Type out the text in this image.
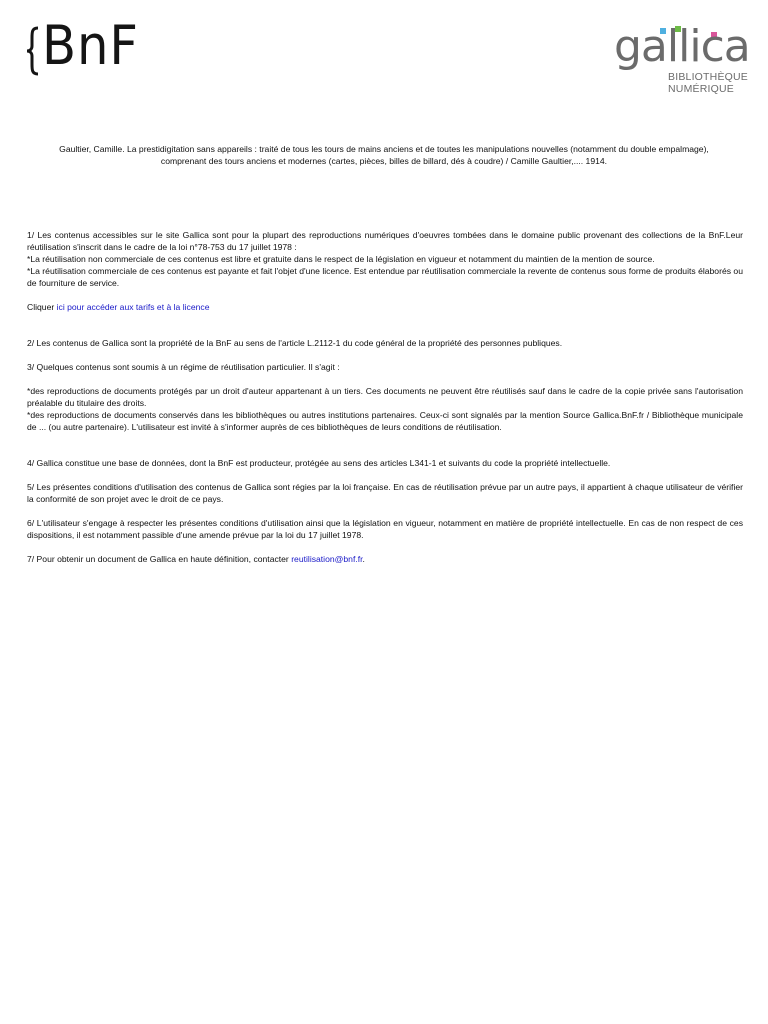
BnF	gallica
BIBLIOTHÈQUE
NUMÉRIQUE
Gaultier, Camille. La prestidigitation sans appareils : traité de tous les tours de mains anciens et de toutes les manipulations nouvelles (notamment du double empalmage),
comprenant des tours anciens et modernes (cartes, pièces, billes de billard, dés à coudre) / Camille Gaultier,.... 1914.

1/ Les contenus accessibles sur le site Gallica sont pour la plupart des reproductions numériques d'oeuvres tombées dans le domaine public provenant des collections de la BnF.Leur réutilisation s'inscrit dans le cadre de la loi n°78-753 du 17 juillet 1978 :

*La réutilisation non commerciale de ces contenus est libre et gratuite dans le respect de la législation en vigueur et notamment du maintien de la mention de source.

*La réutilisation commerciale de ces contenus est payante et fait l'objet d'une licence. Est entendue par réutilisation commerciale la revente de contenus sous forme de produits élaborés ou de fourniture de service.

Cliquer ici pour accéder aux tarifs et à la licence

2/ Les contenus de Gallica sont la propriété de la BnF au sens de l'article L.2112-1 du code général de la propriété des personnes publiques.

3/ Quelques contenus sont soumis à un régime de réutilisation particulier. Il s'agit :

*des reproductions de documents protégés par un droit d'auteur appartenant à un tiers. Ces documents ne peuvent être réutilisés sauf dans le cadre de la copie privée sans l'autorisation préalable du titulaire des droits.

*des reproductions de documents conservés dans les bibliothèques ou autres institutions partenaires. Ceux-ci sont signalés par la mention Source Gallica.BnF.fr / Bibliothèque municipale de ... (ou autre partenaire). L'utilisateur est invité à s'informer auprès de ces bibliothèques de leurs conditions de réutilisation.

4/ Gallica constitue une base de données, dont la BnF est producteur, protégée au sens des articles L341-1 et suivants du code la propriété intellectuelle.

5/ Les présentes conditions d'utilisation des contenus de Gallica sont régies par la loi française. En cas de réutilisation prévue par un autre pays, il appartient à chaque utilisateur de vérifier la conformité de son projet avec le droit de ce pays.

6/ L'utilisateur s'engage à respecter les présentes conditions d'utilisation ainsi que la législation en vigueur, notamment en matière de propriété intellectuelle. En cas de non respect de ces dispositions, il est notamment passible d'une amende prévue par la loi du 17 juillet 1978.

7/ Pour obtenir un document de Gallica en haute définition, contacter reutilisation@bnf.fr.
